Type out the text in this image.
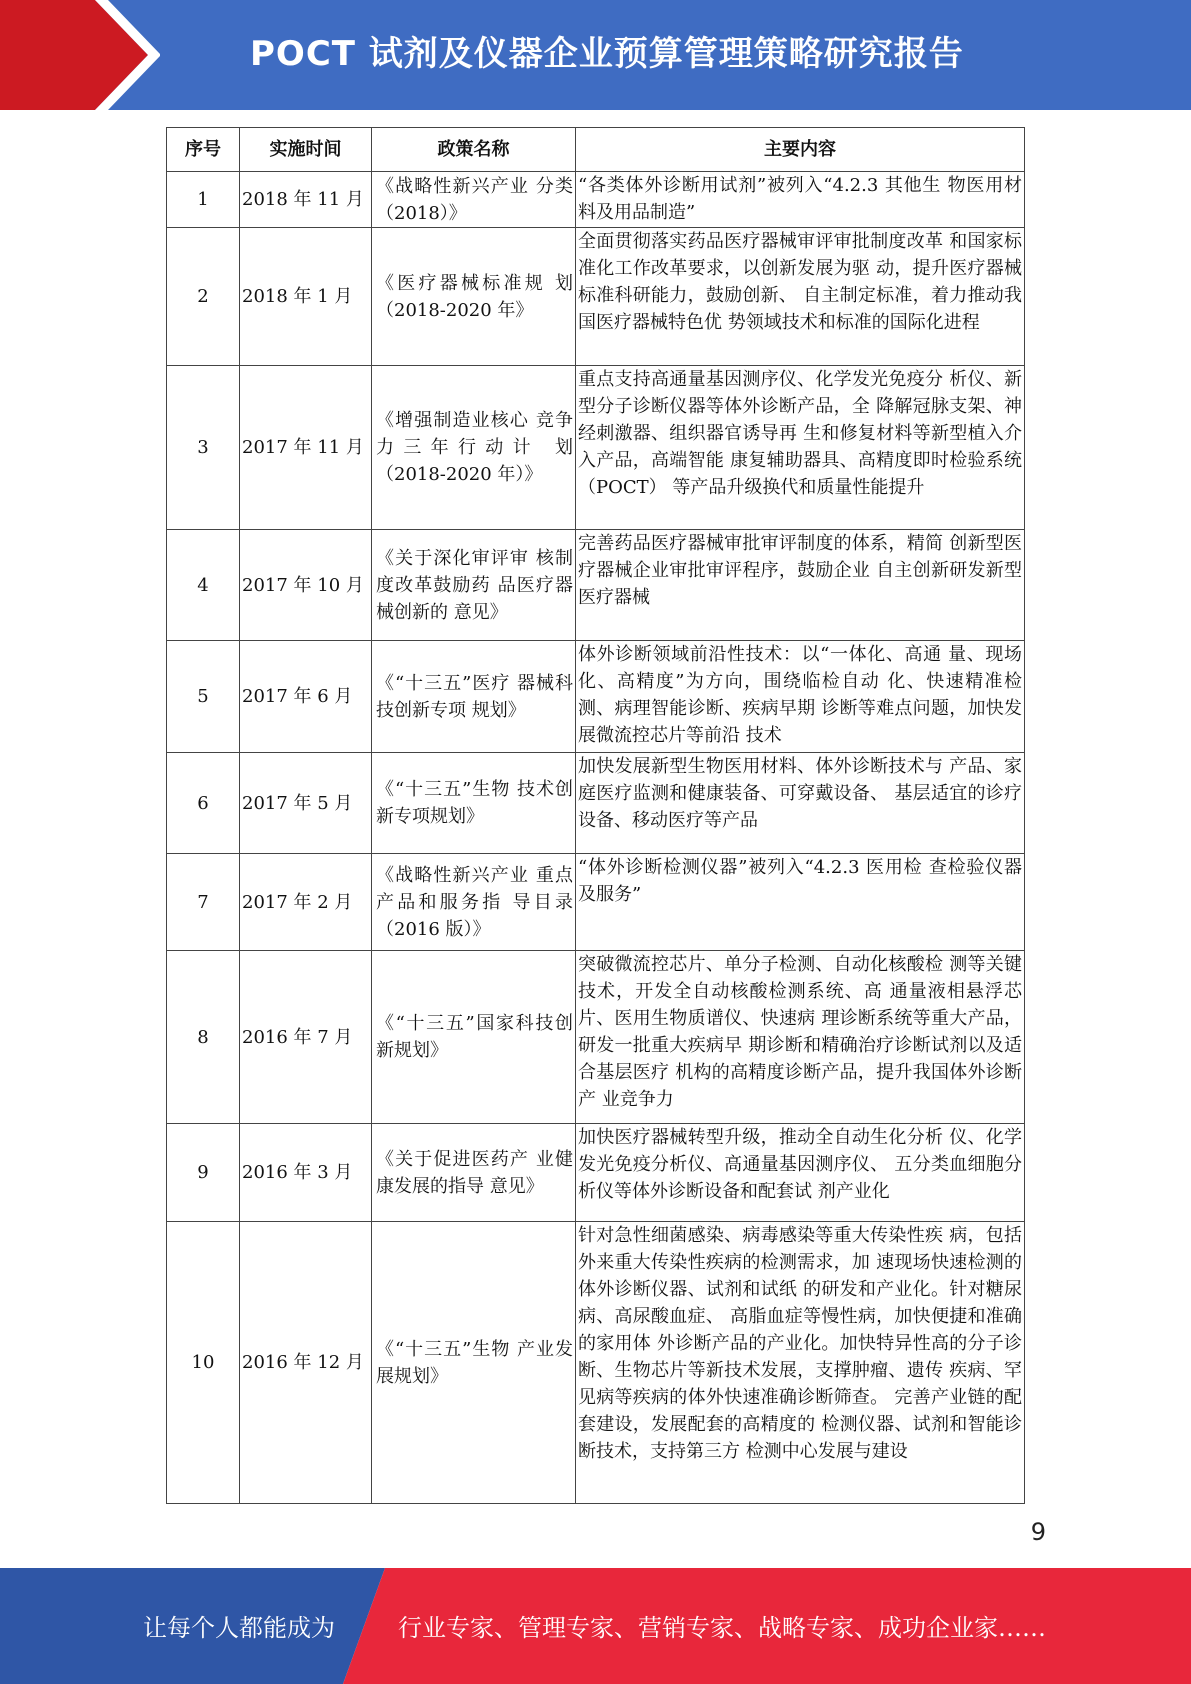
POCT 试剂及仪器企业预算管理策略研究报告
序号	实施时间	政策名称	主要内容
1	2018 年 11 月	《战略性新兴产业 分类（2018）》	“各类体外诊断用试剂”被列入“4.2.3 其他生 物医用材料及用品制造”
2	2018 年 1 月	《医疗器械标准规 划（2018-2020 年》	全面贯彻落实药品医疗器械审评审批制度改革 和国家标准化工作改革要求，以创新发展为驱 动，提升医疗器械标准科研能力，鼓励创新、 自主制定标准，着力推动我国医疗器械特色优 势领域技术和标准的国际化进程
3	2017 年 11 月	《增强制造业核心 竞争力三年行动计 划（2018-2020 年）》	重点支持高通量基因测序仪、化学发光免疫分 析仪、新型分子诊断仪器等体外诊断产品，全 降解冠脉支架、神经刺激器、组织器官诱导再 生和修复材料等新型植入介入产品，高端智能 康复辅助器具、高精度即时检验系统（POCT） 等产品升级换代和质量性能提升
4	2017 年 10 月	《关于深化审评审 核制度改革鼓励药 品医疗器械创新的 意见》	完善药品医疗器械审批审评制度的体系，精简 创新型医疗器械企业审批审评程序，鼓励企业 自主创新研发新型医疗器械
5	2017 年 6 月	《“十三五”医疗 器械科技创新专项 规划》	体外诊断领域前沿性技术：以“一体化、高通 量、现场化、高精度”为方向，围绕临检自动 化、快速精准检测、病理智能诊断、疾病早期 诊断等难点问题，加快发展微流控芯片等前沿 技术
6	2017 年 5 月	《“十三五”生物 技术创新专项规划》	加快发展新型生物医用材料、体外诊断技术与 产品、家庭医疗监测和健康装备、可穿戴设备、 基层适宜的诊疗设备、移动医疗等产品
7	2017 年 2 月	《战略性新兴产业 重点产品和服务指 导目录（2016 版）》	“体外诊断检测仪器”被列入“4.2.3 医用检 查检验仪器及服务”
8	2016 年 7 月	《“十三五”国家科技创新规划》	突破微流控芯片、单分子检测、自动化核酸检 测等关键技术，开发全自动核酸检测系统、高 通量液相悬浮芯片、医用生物质谱仪、快速病 理诊断系统等重大产品，研发一批重大疾病早 期诊断和精确治疗诊断试剂以及适合基层医疗 机构的高精度诊断产品，提升我国体外诊断产 业竞争力
9	2016 年 3 月	《关于促进医药产 业健康发展的指导 意见》	加快医疗器械转型升级，推动全自动生化分析 仪、化学发光免疫分析仪、高通量基因测序仪、 五分类血细胞分析仪等体外诊断设备和配套试 剂产业化
10	2016 年 12 月	《“十三五”生物 产业发展规划》	针对急性细菌感染、病毒感染等重大传染性疾 病，包括外来重大传染性疾病的检测需求，加 速现场快速检测的体外诊断仪器、试剂和试纸 的研发和产业化。针对糖尿病、高尿酸血症、 高脂血症等慢性病，加快便捷和准确的家用体 外诊断产品的产业化。加快特异性高的分子诊 断、生物芯片等新技术发展，支撑肿瘤、遗传 疾病、罕见病等疾病的体外快速准确诊断筛查。 完善产业链的配套建设，发展配套的高精度的 检测仪器、试剂和智能诊断技术，支持第三方 检测中心发展与建设
9
让每个人都能成为	行业专家、管理专家、营销专家、战略专家、成功企业家……
